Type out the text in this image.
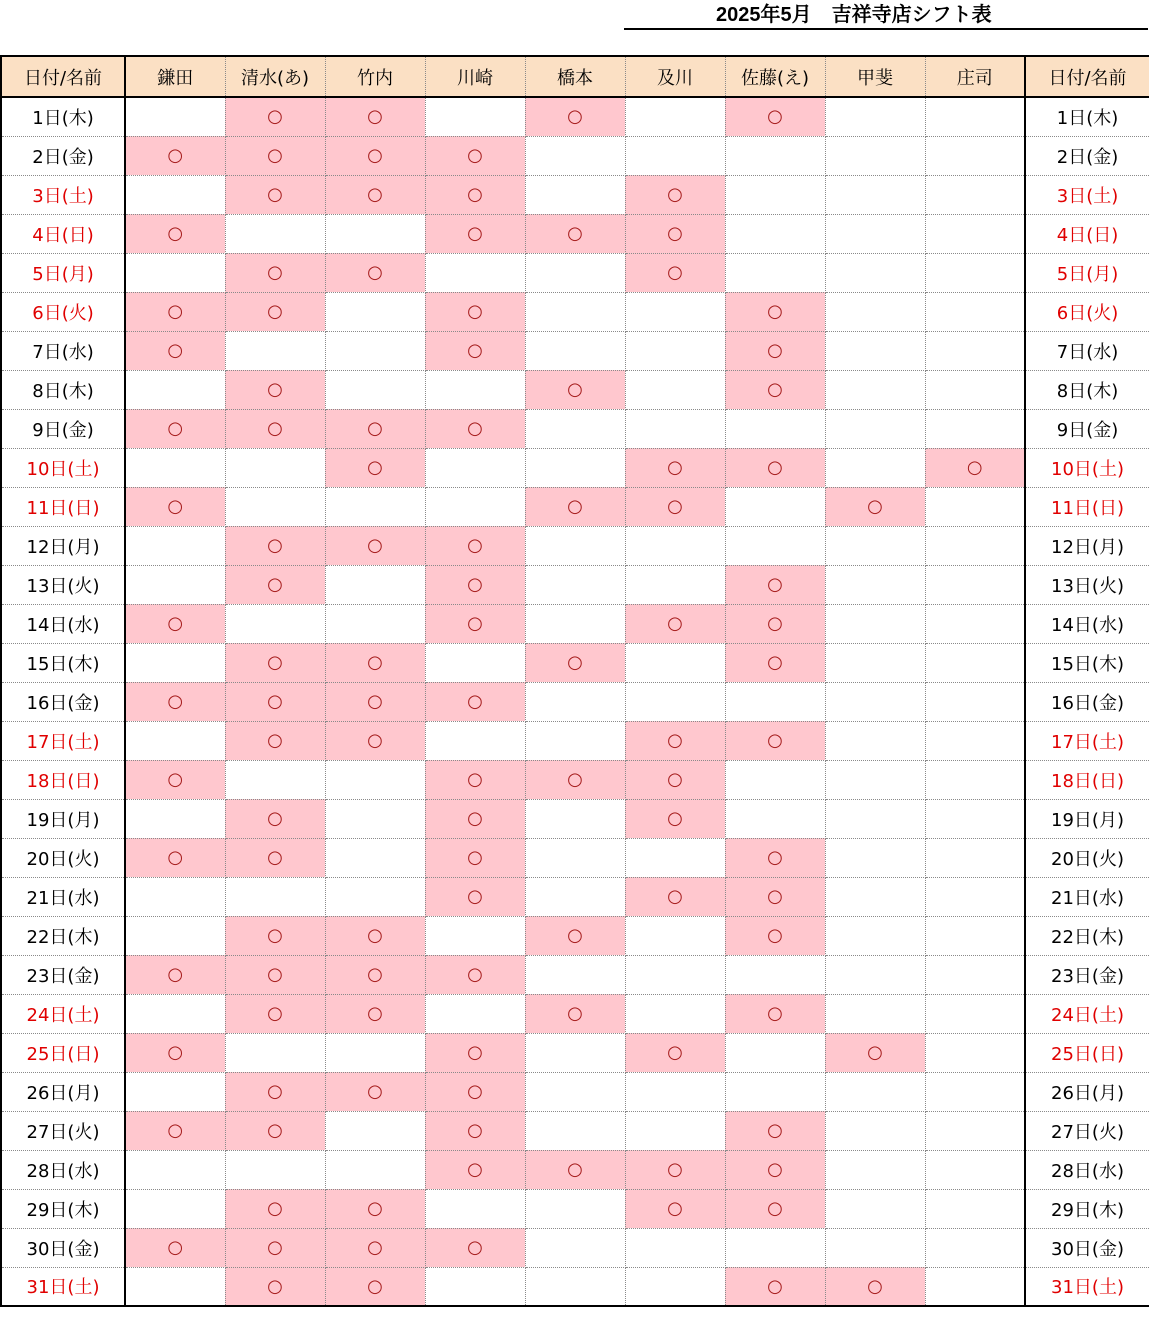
2025年5月　吉祥寺店シフト表
日付/名前	鎌田	清水(あ)	竹内	川崎	橋本	及川	佐藤(え)	甲斐	庄司	日付/名前
1日(木)		○	○		○		○			1日(木)
2日(金)	○	○	○	○						2日(金)
3日(土)		○	○	○		○				3日(土)
4日(日)	○			○	○	○				4日(日)
5日(月)		○	○			○				5日(月)
6日(火)	○	○		○			○			6日(火)
7日(水)	○			○			○			7日(水)
8日(木)		○			○		○			8日(木)
9日(金)	○	○	○	○						9日(金)
10日(土)			○			○	○		○	10日(土)
11日(日)	○				○	○		○		11日(日)
12日(月)		○	○	○						12日(月)
13日(火)		○		○			○			13日(火)
14日(水)	○			○		○	○			14日(水)
15日(木)		○	○		○		○			15日(木)
16日(金)	○	○	○	○						16日(金)
17日(土)		○	○			○	○			17日(土)
18日(日)	○			○	○	○				18日(日)
19日(月)		○		○		○				19日(月)
20日(火)	○	○		○			○			20日(火)
21日(水)				○		○	○			21日(水)
22日(木)		○	○		○		○			22日(木)
23日(金)	○	○	○	○						23日(金)
24日(土)		○	○		○		○			24日(土)
25日(日)	○			○		○		○		25日(日)
26日(月)		○	○	○						26日(月)
27日(火)	○	○		○			○			27日(火)
28日(水)				○	○	○	○			28日(水)
29日(木)		○	○			○	○			29日(木)
30日(金)	○	○	○	○						30日(金)
31日(土)		○	○				○	○		31日(土)
